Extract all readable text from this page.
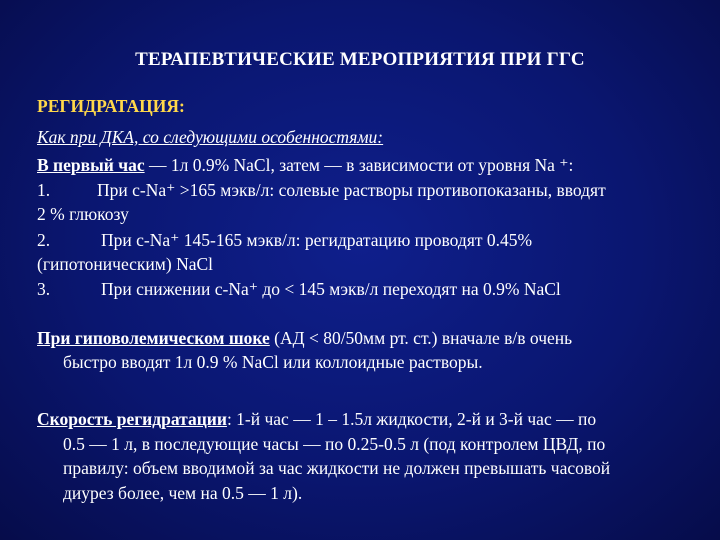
ТЕРАПЕВТИЧЕСКИЕ МЕРОПРИЯТИЯ ПРИ ГГС
РЕГИДРАТАЦИЯ:
Как при ДКА, со следующими особенностями:
В первый час — 1л 0.9% NaCl, затем — в зависимости от уровня Na ⁺:
1.	При c-Na⁺ >165 мэкв/л: солевые растворы противопоказаны, вводят
2 % глюкозу
2.	При c-Na⁺ 145-165 мэкв/л: регидратацию проводят 0.45%
(гипотоническим) NaCl
3.	При снижении c-Na⁺ до < 145 мэкв/л переходят на 0.9% NaCl
При гиповолемическом шоке (АД < 80/50мм рт. ст.) вначале в/в очень
быстро вводят 1л 0.9 % NaCl или коллоидные растворы.
Скорость регидратации: 1-й час — 1 – 1.5л жидкости, 2-й и 3-й час — по
0.5 — 1 л, в последующие часы — по 0.25-0.5 л (под контролем ЦВД, по
правилу: объем вводимой за час жидкости не должен превышать часовой
диурез более, чем на 0.5 — 1 л).
